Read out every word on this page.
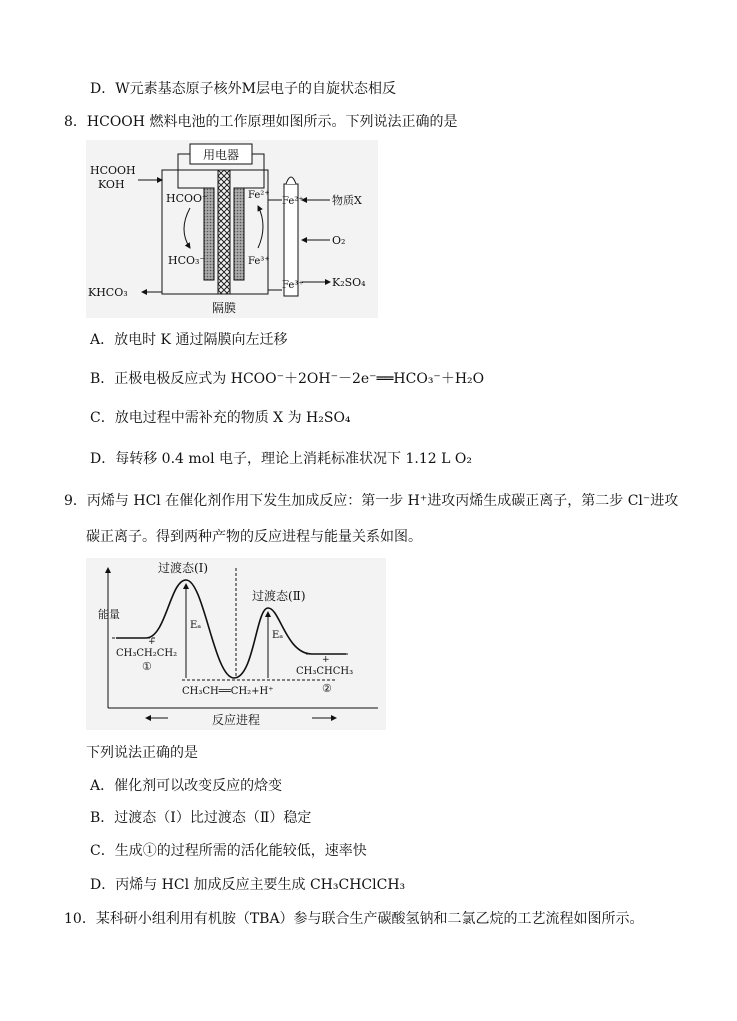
D．W元素基态原子核外M层电子的自旋状态相反
8．HCOOH 燃料电池的工作原理如图所示。下列说法正确的是
用电器
隔膜
HCOOH
KOH
KHCO₃
HCOO⁻
HCO₃⁻
Fe²⁺
Fe³⁺
Fe²⁺
Fe³⁺
物质X
O₂
K₂SO₄
A．放电时 K 通过隔膜向左迁移
B．正极电极反应式为 HCOO⁻＋2OH⁻－2e⁻══HCO₃⁻＋H₂O
C．放电过程中需补充的物质 X 为 H₂SO₄
D．每转移 0.4 mol 电子，理论上消耗标准状况下 1.12 L O₂
9．丙烯与 HCl 在催化剂作用下发生加成反应：第一步 H⁺进攻丙烯生成碳正离子，第二步 Cl⁻进攻
碳正离子。得到两种产物的反应进程与能量关系如图。
能量
反应进程
Eₐ
Eₐ
过渡态(Ⅰ)
过渡态(Ⅱ)
+
CH₃CH₂CH₂
①	+
CH₃CHCH₃
②
CH₃CH══CH₂+H⁺
下列说法正确的是
A．催化剂可以改变反应的焓变
B．过渡态（Ⅰ）比过渡态（Ⅱ）稳定
C．生成①的过程所需的活化能较低，速率快
D．丙烯与 HCl 加成反应主要生成 CH₃CHClCH₃
10．某科研小组利用有机胺（TBA）参与联合生产碳酸氢钠和二氯乙烷的工艺流程如图所示。
